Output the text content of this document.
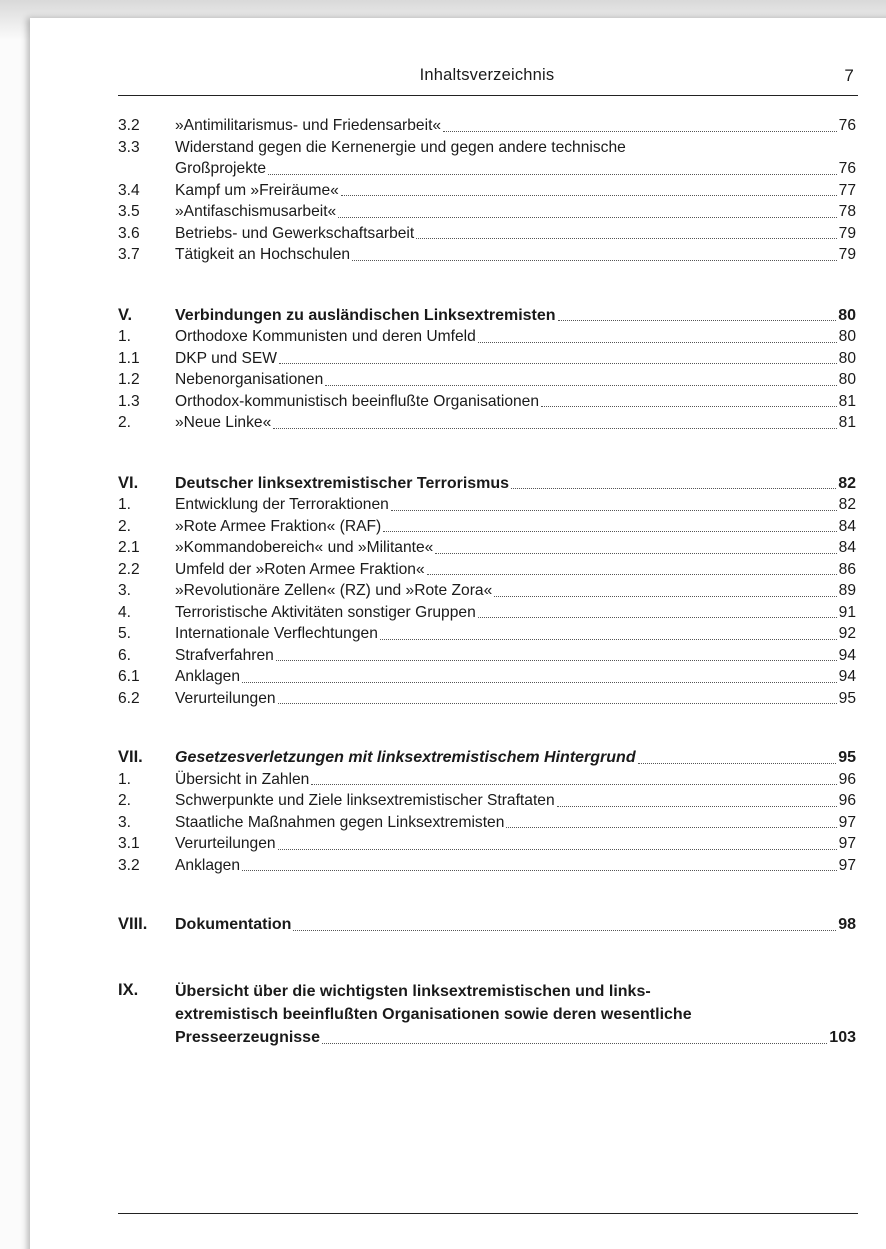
Inhaltsverzeichnis	7
3.2 »Antimilitarismus- und Friedensarbeit«	76
3.3 Widerstand gegen die Kernenergie und gegen andere technische
Großprojekte	76
3.4 Kampf um »Freiräume«	77
3.5 »Antifaschismusarbeit«	78
3.6 Betriebs- und Gewerkschaftsarbeit	79
3.7 Tätigkeit an Hochschulen	79
V.	Verbindungen zu ausländischen Linksextremisten	80
1.	Orthodoxe Kommunisten und deren Umfeld	80
1.1 DKP und SEW	80
1.2 Nebenorganisationen	80
1.3 Orthodox-kommunistisch beeinflußte Organisationen	81
2.	»Neue Linke«	81
VI. Deutscher linksextremistischer Terrorismus	82
1.	Entwicklung der Terroraktionen	82
2.	»Rote Armee Fraktion« (RAF)	84
2.1 »Kommandobereich« und »Militante«	84
2.2 Umfeld der »Roten Armee Fraktion«	86
3.	»Revolutionäre Zellen« (RZ) und »Rote Zora«	89
4.	Terroristische Aktivitäten sonstiger Gruppen	91
5.	Internationale Verflechtungen	92
6.	Strafverfahren	94
6.1 Anklagen	94
6.2 Verurteilungen	95
VII. Gesetzesverletzungen mit linksextremistischem Hintergrund	95
1.	Übersicht in Zahlen	96
2.	Schwerpunkte und Ziele linksextremistischer Straftaten	96
3.	Staatliche Maßnahmen gegen Linksextremisten	97
3.1 Verurteilungen	97
3.2 Anklagen	97
VIII. Dokumentation	98
IX. Übersicht über die wichtigsten linksextremistischen und links-
extremistisch beeinflußten Organisationen sowie deren wesentliche
Presseerzeugnisse	103
